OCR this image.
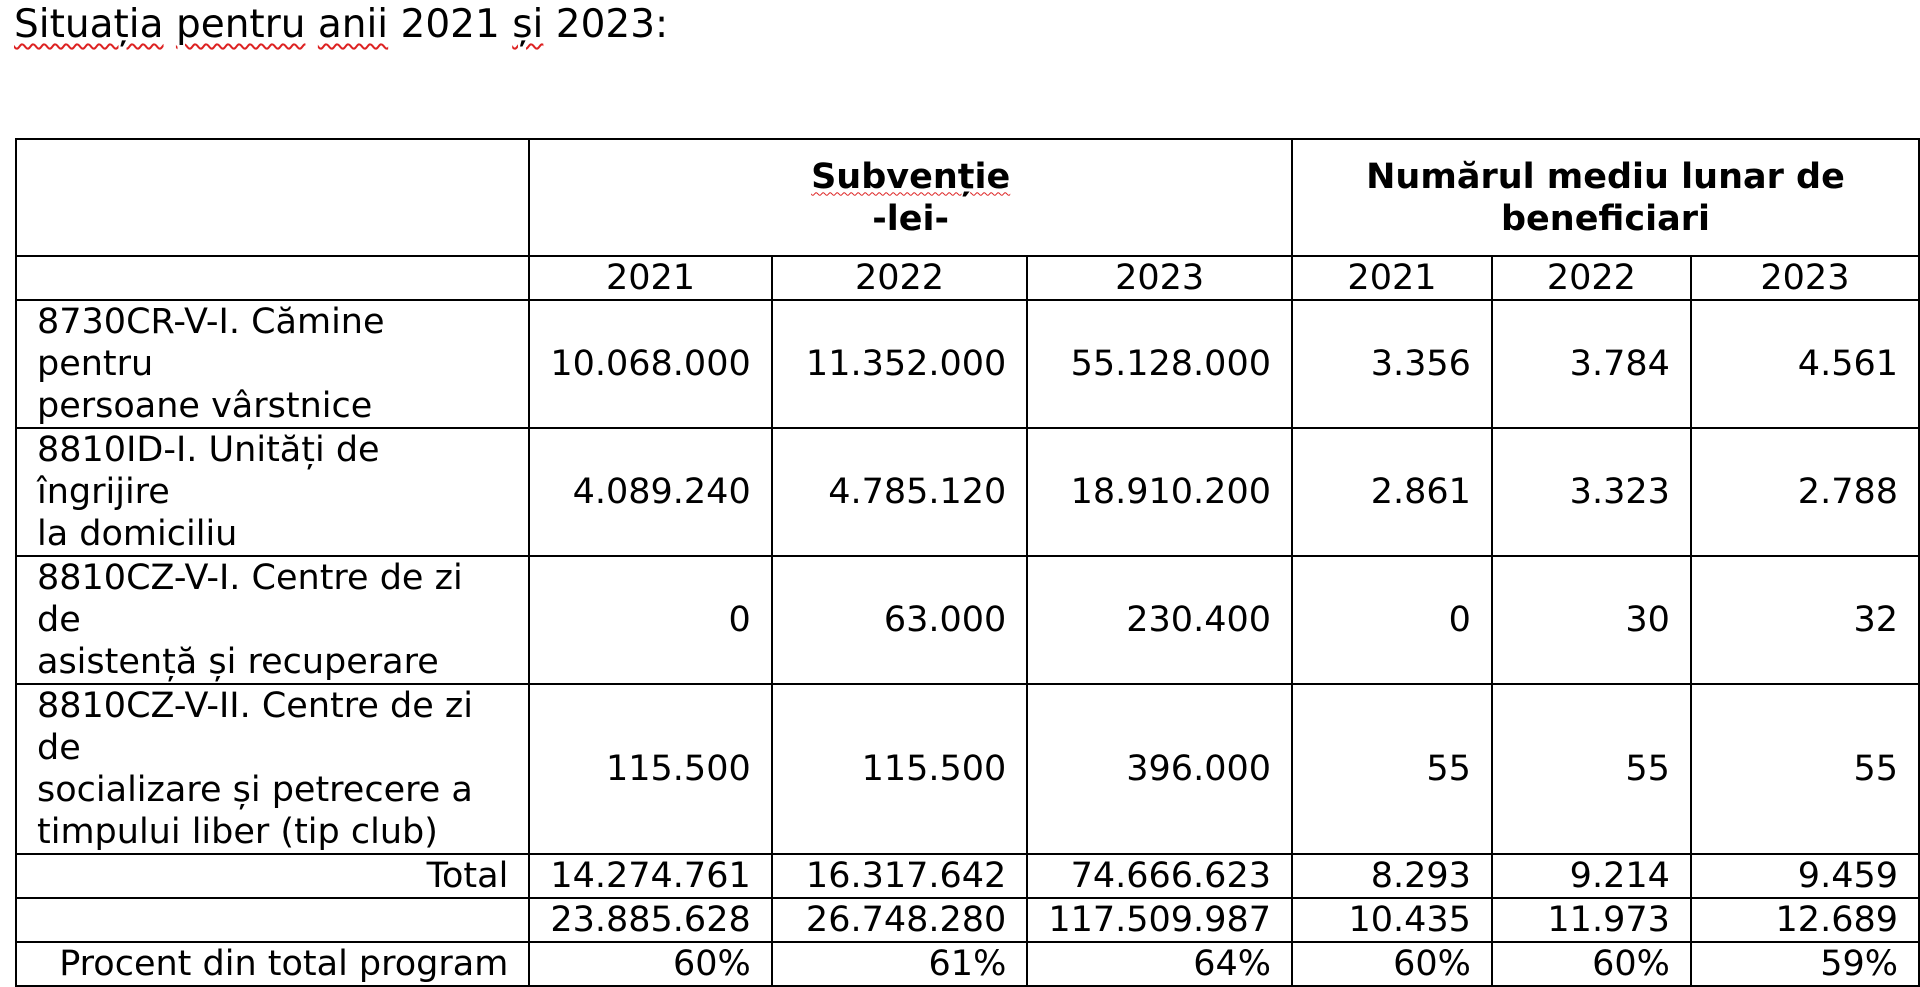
Situația pentru anii 2021 și 2023:
	Subvenție
-lei-			Numărul mediu lunar de
beneficiari		
	2021	2022	2023	2021	2022	2023
8730CR-V-I. Cămine pentru
persoane vârstnice	10.068.000	11.352.000	55.128.000	3.356	3.784	4.561
8810ID-I. Unități de îngrijire
la domiciliu	4.089.240	4.785.120	18.910.200	2.861	3.323	2.788
8810CZ-V-I. Centre de zi de
asistență și recuperare	0	63.000	230.400	0	30	32
8810CZ-V-II. Centre de zi de
socializare și petrecere a
timpului liber (tip club)	115.500	115.500	396.000	55	55	55
Total	14.274.761	16.317.642	74.666.623	8.293	9.214	9.459
	23.885.628	26.748.280	117.509.987	10.435	11.973	12.689
Procent din total program	60%	61%	64%	60%	60%	59%
